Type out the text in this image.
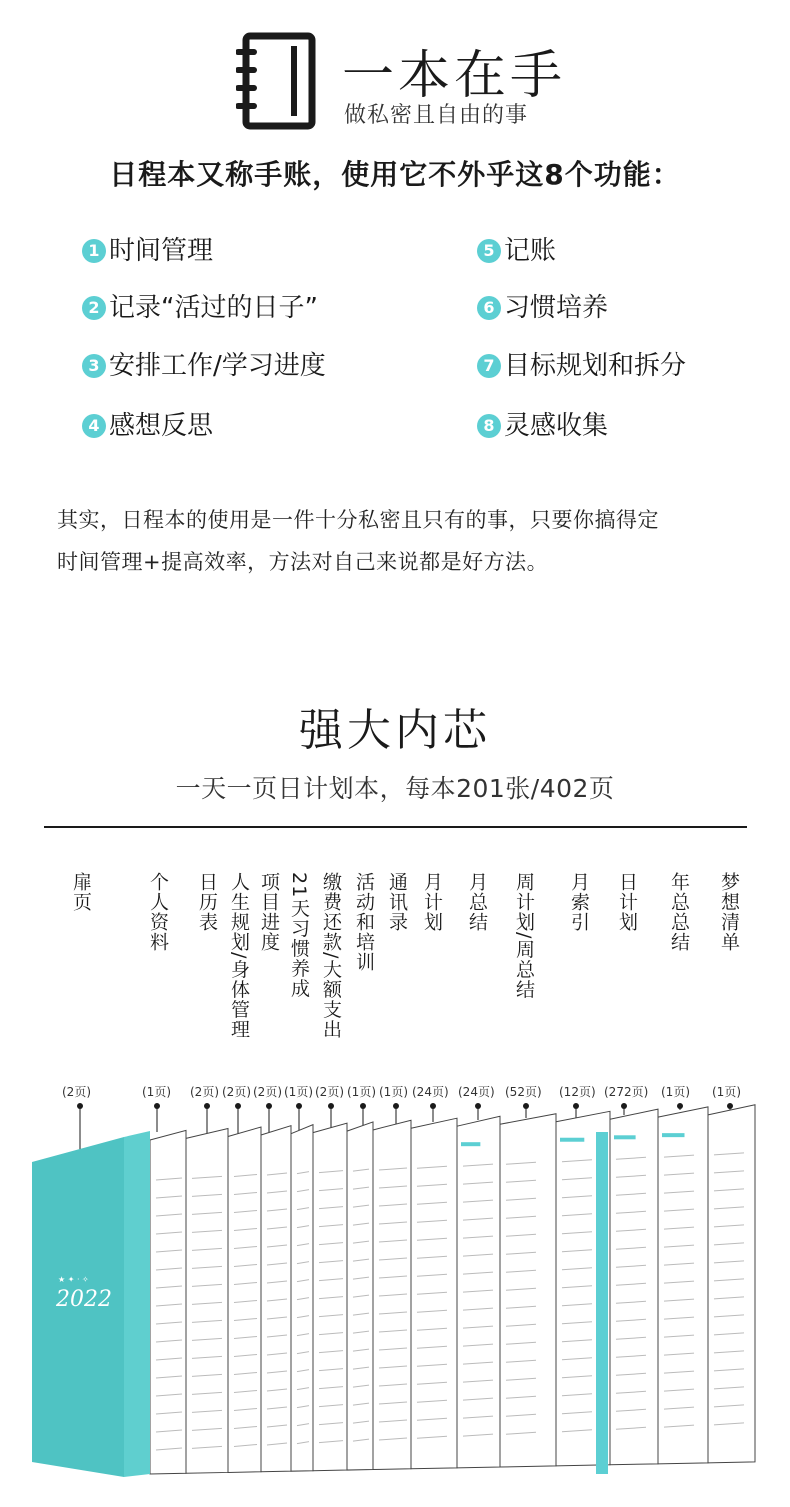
一本在手
做私密且自由的事
日程本又称手账，使用它不外乎这8个功能：
1 时间管理
2 记录“活过的日子”
3 安排工作/学习进度
4 感想反思
5 记账
6 习惯培养
7 目标规划和拆分
8 灵感收集
其实，日程本的使用是一件十分私密且只有的事，只要你搞得定
时间管理+提高效率，方法对自己来说都是好方法。
强大内芯
一天一页日计划本，每本201张/402页
扉页	个人资料 日历表 人生规划/身体管理 项目进度 21天习惯养成 缴费还款/大额支出 活动和培训 通讯录 月计划 月总结 周计划/周总结 月索引 日计划 年总总结 梦想清单
(2页)	(1页) (2页) (2页) (2页) (1页) (2页) (1页) (1页) (24页) (24页) (52页) (12页) (272页) (1页) (1页)
2022
★ ✦ · ✧
